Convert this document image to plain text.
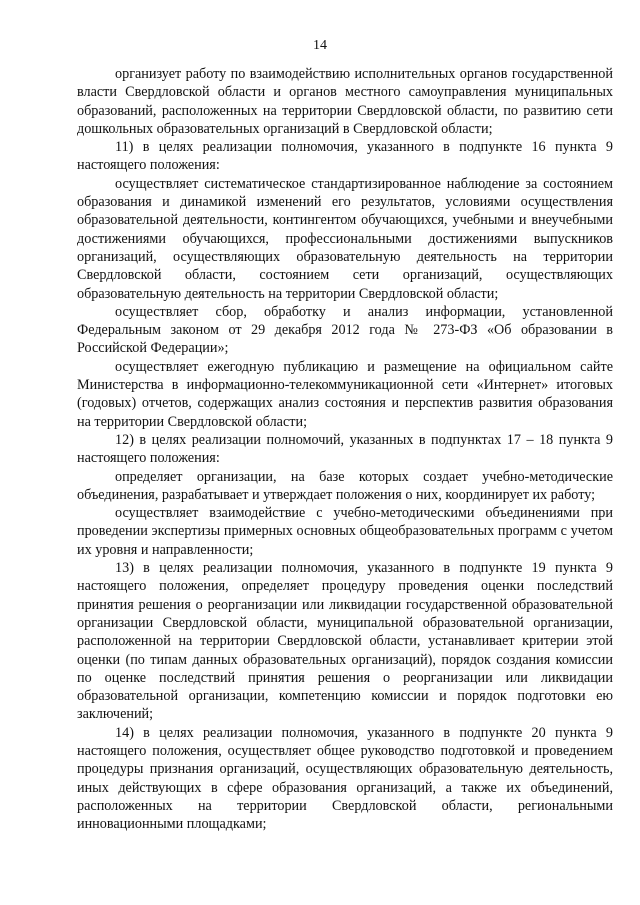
14

организует работу по взаимодействию исполнительных органов государственной власти Свердловской области и органов местного самоуправления муниципальных образований, расположенных на территории Свердловской области, по развитию сети дошкольных образовательных организаций в Свердловской области;

11) в целях реализации полномочия, указанного в подпункте 16 пункта 9 настоящего положения:

осуществляет систематическое стандартизированное наблюдение за состоянием образования и динамикой изменений его результатов, условиями осуществления образовательной деятельности, контингентом обучающихся, учебными и внеучебными достижениями обучающихся, профессиональными достижениями выпускников организаций, осуществляющих образовательную деятельность на территории Свердловской области, состоянием сети организаций, осуществляющих образовательную деятельность на территории Свердловской области;

осуществляет сбор, обработку и анализ информации, установленной Федеральным законом от 29 декабря 2012 года № 273-ФЗ «Об образовании в Российской Федерации»;

осуществляет ежегодную публикацию и размещение на официальном сайте Министерства в информационно-телекоммуникационной сети «Интернет» итоговых (годовых) отчетов, содержащих анализ состояния и перспектив развития образования на территории Свердловской области;

12) в целях реализации полномочий, указанных в подпунктах 17 – 18 пункта 9 настоящего положения:

определяет организации, на базе которых создает учебно-методические объединения, разрабатывает и утверждает положения о них, координирует их работу;

осуществляет взаимодействие с учебно-методическими объединениями при проведении экспертизы примерных основных общеобразовательных программ с учетом их уровня и направленности;

13) в целях реализации полномочия, указанного в подпункте 19 пункта 9 настоящего положения, определяет процедуру проведения оценки последствий принятия решения о реорганизации или ликвидации государственной образовательной организации Свердловской области, муниципальной образовательной организации, расположенной на территории Свердловской области, устанавливает критерии этой оценки (по типам данных образовательных организаций), порядок создания комиссии по оценке последствий принятия решения о реорганизации или ликвидации образовательной организации, компетенцию комиссии и порядок подготовки ею заключений;

14) в целях реализации полномочия, указанного в подпункте 20 пункта 9 настоящего положения, осуществляет общее руководство подготовкой и проведением процедуры признания организаций, осуществляющих образовательную деятельность, иных действующих в сфере образования организаций, а также их объединений, расположенных на территории Свердловской области, региональными инновационными площадками;
